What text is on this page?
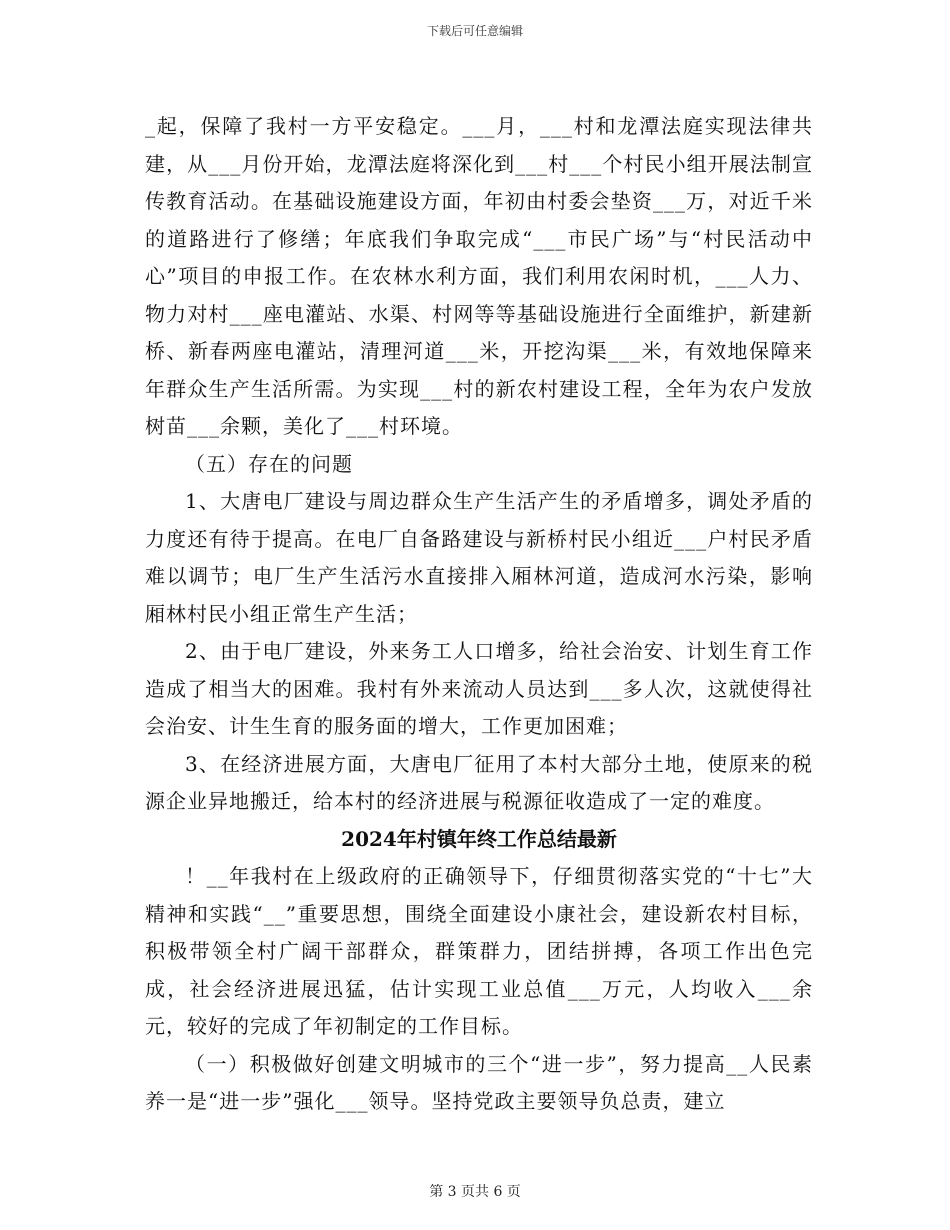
下载后可任意编辑

_起，保障了我村一方平安稳定。___月，___村和龙潭法庭实现法律共建，从___月份开始，龙潭法庭将深化到___村___个村民小组开展法制宣传教育活动。在基础设施建设方面，年初由村委会垫资___万，对近千米的道路进行了修缮；年底我们争取完成“___市民广场”与“村民活动中心”项目的申报工作。在农林水利方面，我们利用农闲时机，___人力、物力对村___座电灌站、水渠、村网等等基础设施进行全面维护，新建新桥、新春两座电灌站，清理河道___米，开挖沟渠___米，有效地保障来年群众生产生活所需。为实现___村的新农村建设工程，全年为农户发放树苗___余颗，美化了___村环境。

（五）存在的问题

1、大唐电厂建设与周边群众生产生活产生的矛盾增多，调处矛盾的力度还有待于提高。在电厂自备路建设与新桥村民小组近___户村民矛盾难以调节；电厂生产生活污水直接排入厢林河道，造成河水污染，影响厢林村民小组正常生产生活；

2、由于电厂建设，外来务工人口增多，给社会治安、计划生育工作造成了相当大的困难。我村有外来流动人员达到___多人次，这就使得社会治安、计生生育的服务面的增大，工作更加困难；

3、在经济进展方面，大唐电厂征用了本村大部分土地，使原来的税源企业异地搬迁，给本村的经济进展与税源征收造成了一定的难度。

2024年村镇年终工作总结最新

！__年我村在上级政府的正确领导下，仔细贯彻落实党的“十七”大精神和实践“__”重要思想，围绕全面建设小康社会，建设新农村目标，积极带领全村广阔干部群众，群策群力，团结拼搏，各项工作出色完成，社会经济进展迅猛，估计实现工业总值___万元，人均收入___余元，较好的完成了年初制定的工作目标。

（一）积极做好创建文明城市的三个“进一步”，努力提高__人民素养一是“进一步”强化___领导。坚持党政主要领导负总责，建立

第 3 页共 6 页
